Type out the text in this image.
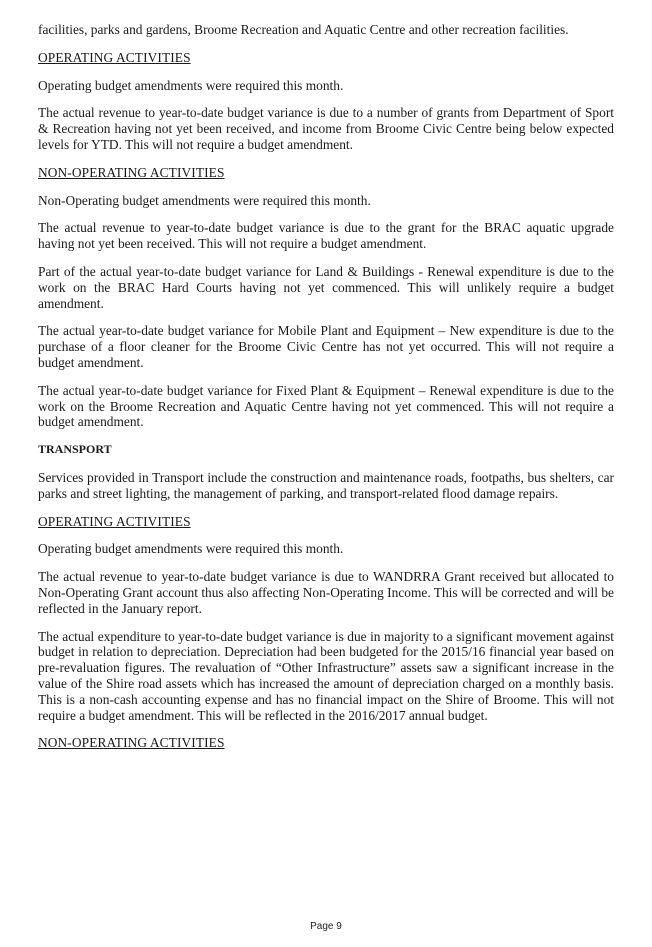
facilities, parks and gardens, Broome Recreation and Aquatic Centre and other recreation facilities.

OPERATING ACTIVITIES

Operating budget amendments were required this month.

The actual revenue to year-to-date budget variance is due to a number of grants from Department of Sport & Recreation having not yet been received, and income from Broome Civic Centre being below expected levels for YTD. This will not require a budget amendment.

NON-OPERATING ACTIVITIES

Non-Operating budget amendments were required this month.

The actual revenue to year-to-date budget variance is due to the grant for the BRAC aquatic upgrade having not yet been received. This will not require a budget amendment.

Part of the actual year-to-date budget variance for Land & Buildings - Renewal expenditure is due to the work on the BRAC Hard Courts having not yet commenced. This will unlikely require a budget amendment.

The actual year-to-date budget variance for Mobile Plant and Equipment – New expenditure is due to the purchase of a floor cleaner for the Broome Civic Centre has not yet occurred. This will not require a budget amendment.

The actual year-to-date budget variance for Fixed Plant & Equipment – Renewal expenditure is due to the work on the Broome Recreation and Aquatic Centre having not yet commenced. This will not require a budget amendment.

TRANSPORT

Services provided in Transport include the construction and maintenance roads, footpaths, bus shelters, car parks and street lighting, the management of parking, and transport-related flood damage repairs.

OPERATING ACTIVITIES

Operating budget amendments were required this month.

The actual revenue to year-to-date budget variance is due to WANDRRA Grant received but allocated to Non-Operating Grant account thus also affecting Non-Operating Income. This will be corrected and will be reflected in the January report.

The actual expenditure to year-to-date budget variance is due in majority to a significant movement against budget in relation to depreciation. Depreciation had been budgeted for the 2015/16 financial year based on pre-revaluation figures. The revaluation of “Other Infrastructure” assets saw a significant increase in the value of the Shire road assets which has increased the amount of depreciation charged on a monthly basis. This is a non-cash accounting expense and has no financial impact on the Shire of Broome. This will not require a budget amendment. This will be reflected in the 2016/2017 annual budget.

NON-OPERATING ACTIVITIES
Page 9
